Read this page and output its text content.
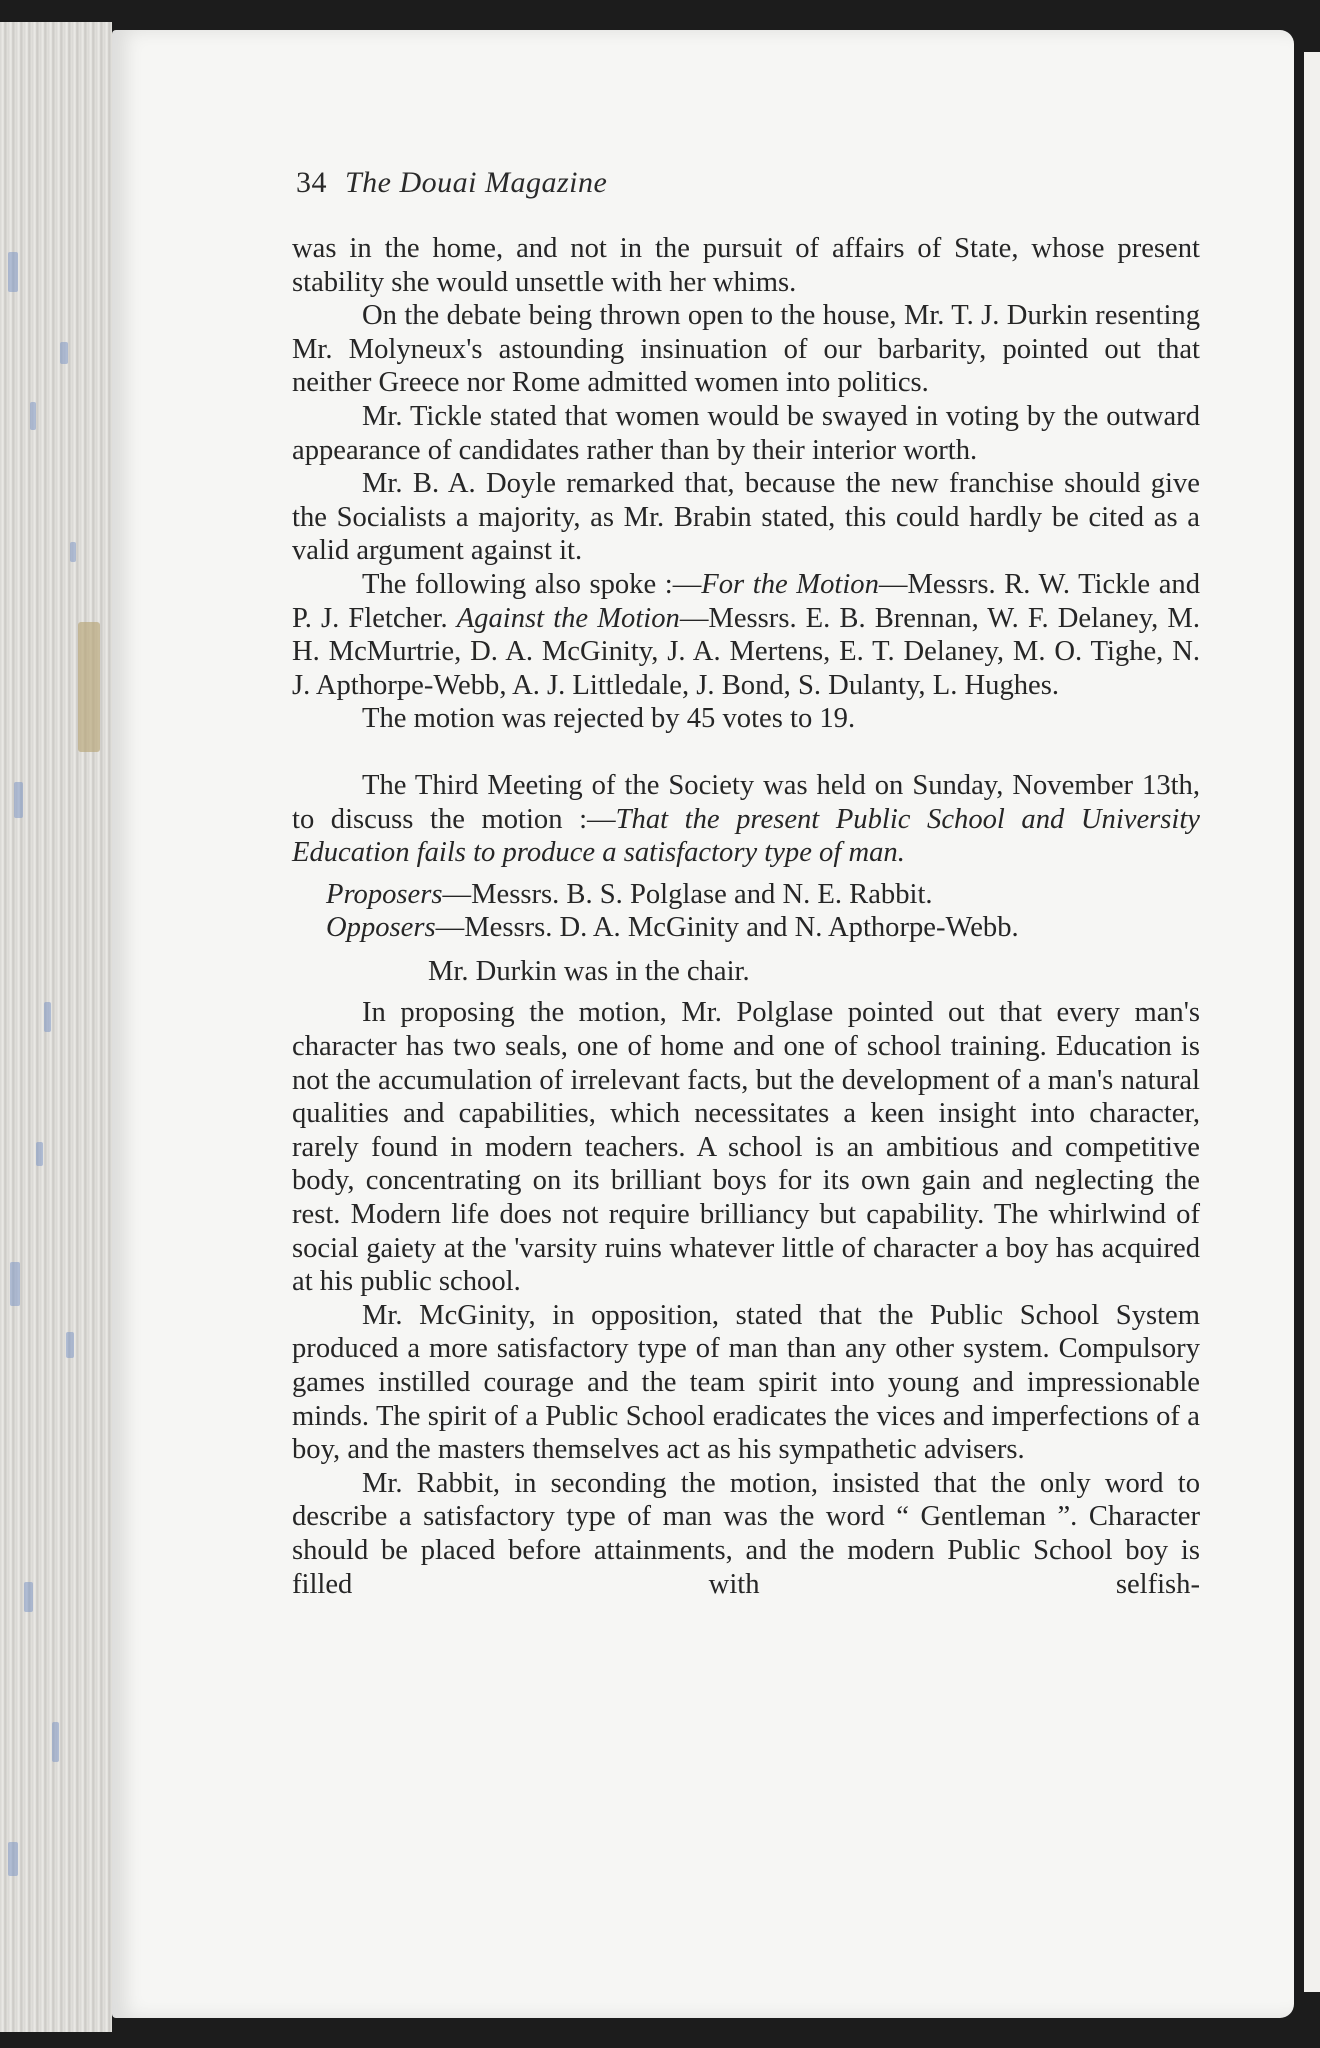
34 The Douai Magazine

was in the home, and not in the pursuit of affairs of State, whose present stability she would unsettle with her whims.

On the debate being thrown open to the house, Mr. T. J. Durkin resenting Mr. Molyneux's astounding insinuation of our barbarity, pointed out that neither Greece nor Rome admitted women into politics.

Mr. Tickle stated that women would be swayed in voting by the outward appearance of candidates rather than by their interior worth.

Mr. B. A. Doyle remarked that, because the new franchise should give the Socialists a majority, as Mr. Brabin stated, this could hardly be cited as a valid argument against it.

The following also spoke :—For the Motion—Messrs. R. W. Tickle and P. J. Fletcher. Against the Motion—Messrs. E. B. Brennan, W. F. Delaney, M. H. McMurtrie, D. A. McGinity, J. A. Mertens, E. T. Delaney, M. O. Tighe, N. J. Apthorpe-Webb, A. J. Littledale, J. Bond, S. Dulanty, L. Hughes.

The motion was rejected by 45 votes to 19.

The Third Meeting of the Society was held on Sunday, November 13th, to discuss the motion :—That the present Public School and University Education fails to produce a satisfactory type of man.

Proposers—Messrs. B. S. Polglase and N. E. Rabbit.

Opposers—Messrs. D. A. McGinity and N. Apthorpe-Webb.

Mr. Durkin was in the chair.

In proposing the motion, Mr. Polglase pointed out that every man's character has two seals, one of home and one of school training. Education is not the accumulation of irrelevant facts, but the development of a man's natural qualities and capabilities, which necessitates a keen insight into character, rarely found in modern teachers. A school is an ambitious and competitive body, concentrating on its brilliant boys for its own gain and neglecting the rest. Modern life does not require brilliancy but capability. The whirlwind of social gaiety at the 'varsity ruins whatever little of character a boy has acquired at his public school.

Mr. McGinity, in opposition, stated that the Public School System produced a more satisfactory type of man than any other system. Compulsory games instilled courage and the team spirit into young and impressionable minds. The spirit of a Public School eradicates the vices and imperfections of a boy, and the masters themselves act as his sympathetic advisers.

Mr. Rabbit, in seconding the motion, insisted that the only word to describe a satisfactory type of man was the word “ Gentleman ”. Character should be placed before attainments, and the modern Public School boy is filled with selfish-
